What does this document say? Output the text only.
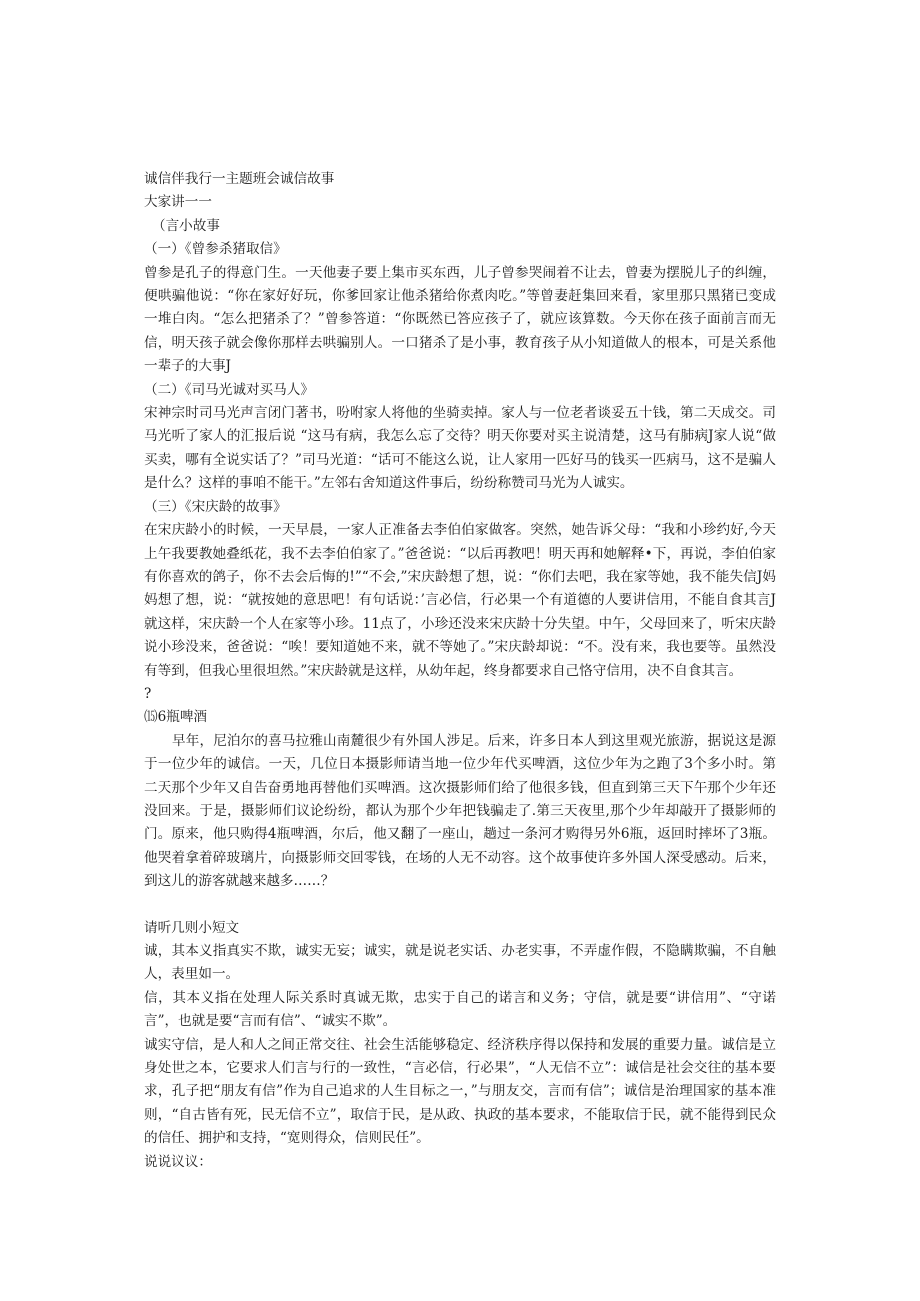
诚信伴我行一主题班会诚信故事

大家讲一一

（言小故事

（一）《曾参杀猪取信》

曾参是孔子的得意门生。一天他妻子要上集市买东西，儿子曾参哭闹着不让去，曾妻为摆脱儿子的纠缠，便哄骗他说：“你在家好好玩，你爹回家让他杀猪给你煮肉吃。”等曾妻赶集回来看，家里那只黑猪已变成一堆白肉。“怎么把猪杀了？”曾参答道：“你既然已答应孩子了，就应该算数。今天你在孩子面前言而无信，明天孩子就会像你那样去哄骗别人。一口猪杀了是小事，教育孩子从小知道做人的根本，可是关系他一辈子的大事J

（二）《司马光诚对买马人》

宋神宗时司马光声言闭门著书，吩咐家人将他的坐骑卖掉。家人与一位老者谈妥五十钱，第二天成交。司马光听了家人的汇报后说 “这马有病，我怎么忘了交待？明天你要对买主说清楚，这马有肺病J家人说“做买卖，哪有全说实话了？”司马光道：“话可不能这么说，让人家用一匹好马的钱买一匹病马，这不是骗人是什么？这样的事咱不能干。”左邻右舍知道这件事后，纷纷称赞司马光为人诚实。

（三）《宋庆龄的故事》

在宋庆龄小的时候，一天早晨，一家人正准备去李伯伯家做客。突然，她告诉父母：“我和小珍约好,今天上午我要教她叠纸花，我不去李伯伯家了。”爸爸说：“以后再教吧！明天再和她解释•下，再说，李伯伯家有你喜欢的鸽子，你不去会后悔的!”“不会,”宋庆龄想了想，说：“你们去吧，我在家等她，我不能失信J妈妈想了想，说：“就按她的意思吧！有句话说：’言必信，行必果一个有道德的人要讲信用，不能自食其言J就这样，宋庆龄一个人在家等小珍。11点了，小珍还没来宋庆龄十分失望。中午，父母回来了，听宋庆龄说小珍没来，爸爸说：“唉！要知道她不来，就不等她了。”宋庆龄却说：“不。没有来，我也要等。虽然没有等到，但我心里很坦然。”宋庆龄就是这样，从幼年起，终身都要求自己恪守信用，决不自食其言。

?

⒂6瓶啤酒

早年，尼泊尔的喜马拉雅山南麓很少有外国人涉足。后来，许多日本人到这里观光旅游，据说这是源于一位少年的诚信。一天，几位日本摄影师请当地一位少年代买啤酒，这位少年为之跑了3个多小时。第二天那个少年又自告奋勇地再替他们买啤酒。这次摄影师们给了他很多钱，但直到第三天下午那个少年还没回来。于是，摄影师们议论纷纷，都认为那个少年把钱骗走了.第三天夜里,那个少年却敲开了摄影师的门。原来，他只购得4瓶啤酒，尔后，他又翻了一座山，趟过一条河才购得另外6瓶，返回时摔坏了3瓶。他哭着拿着碎玻璃片，向摄影师交回零钱，在场的人无不动容。这个故事使许多外国人深受感动。后来，到这儿的游客就越来越多……？

请听几则小短文

诚，其本义指真实不欺，诚实无妄；诚实，就是说老实话、办老实事，不弄虚作假，不隐瞒欺骗，不自触人，表里如一。

信，其本义指在处理人际关系时真诚无欺，忠实于自己的诺言和义务；守信，就是要“讲信用”、“守诺言”，也就是要“言而有信”、“诚实不欺”。

诚实守信，是人和人之间正常交往、社会生活能够稳定、经济秩序得以保持和发展的重要力量。诚信是立身处世之本，它要求人们言与行的一致性，“言必信，行必果”，“人无信不立”：诚信是社会交往的基本要求，孔子把“朋友有信”作为自己追求的人生目标之一，”与朋友交，言而有信”；诚信是治理国家的基本准则，“自古皆有死，民无信不立”，取信于民，是从政、执政的基本要求，不能取信于民，就不能得到民众的信任、拥护和支持，“宽则得众，信则民任”。

说说议议：
